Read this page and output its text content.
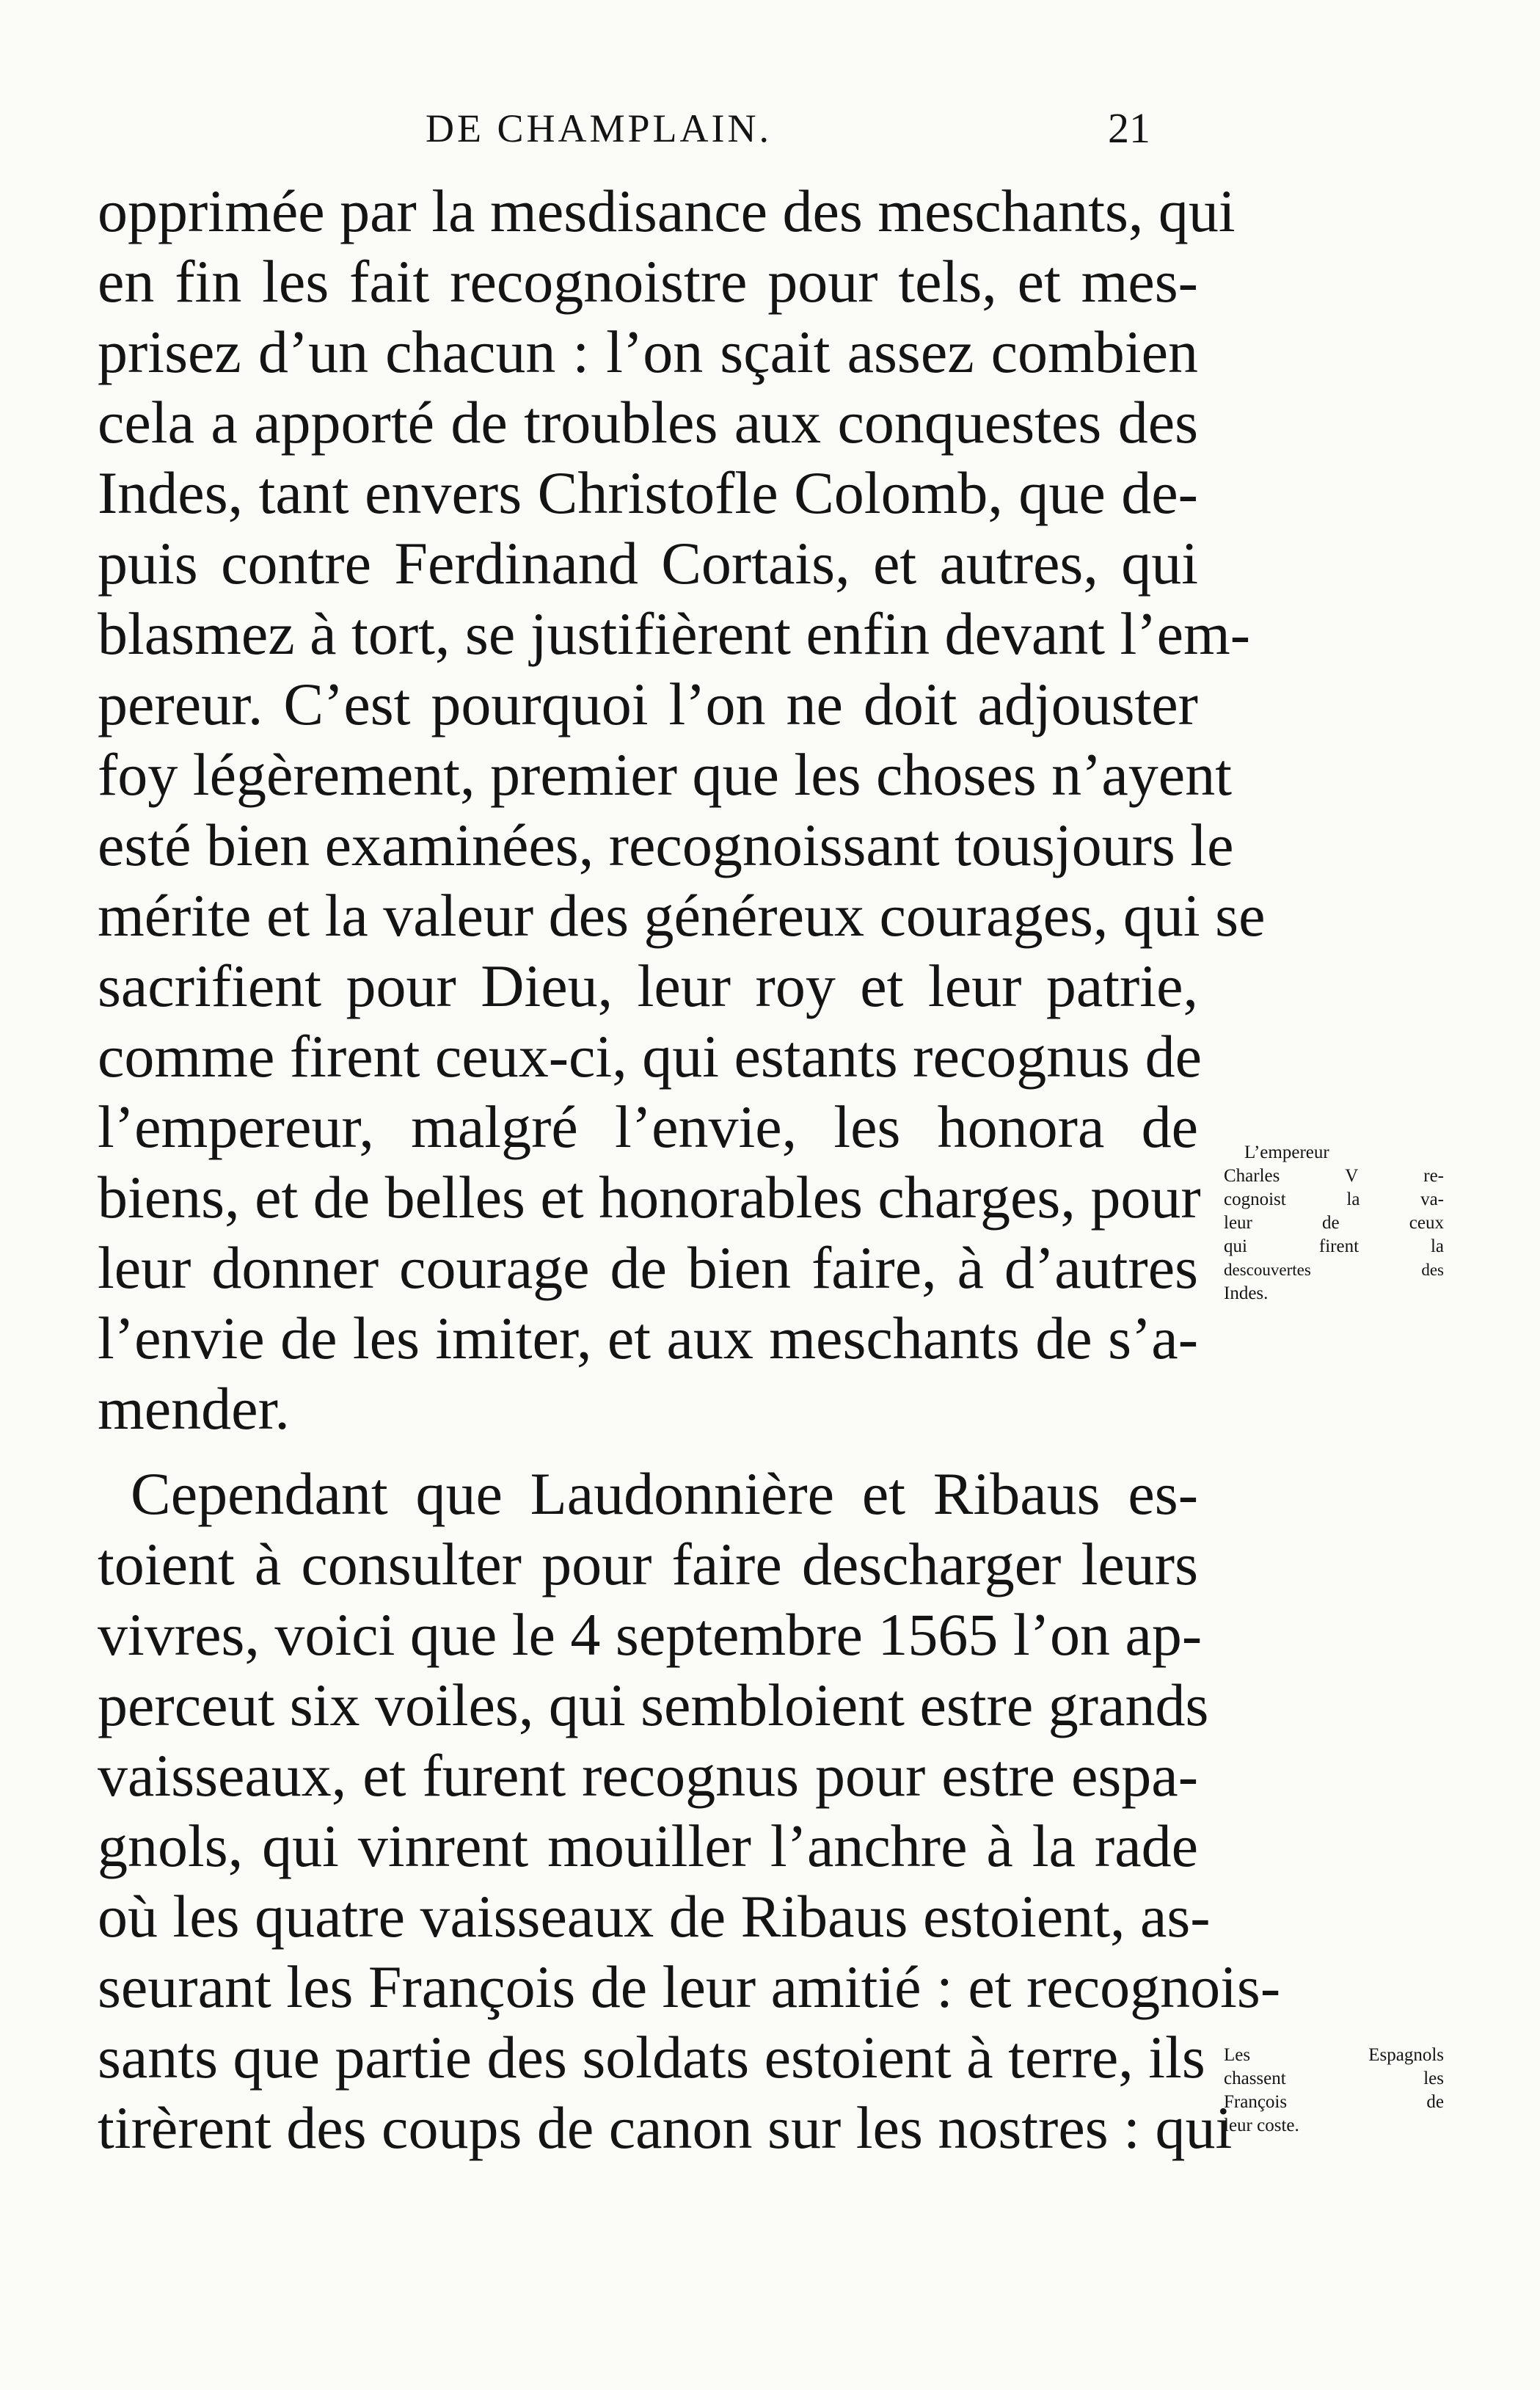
DE CHAMPLAIN.	21
opprimée par la mesdisance des meschants, qui
en fin les fait recognoistre pour tels, et mes-
prisez d’un chacun : l’on sçait assez combien
cela a apporté de troubles aux conquestes des
Indes, tant envers Christofle Colomb, que de-
puis contre Ferdinand Cortais, et autres, qui
blasmez à tort, se justifièrent enfin devant l’em-
pereur. C’est pourquoi l’on ne doit adjouster
foy légèrement, premier que les choses n’ayent
esté bien examinées, recognoissant tousjours le
mérite et la valeur des généreux courages, qui se
sacrifient pour Dieu, leur roy et leur patrie,
comme firent ceux-ci, qui estants recognus de
l’empereur, malgré l’envie, les honora de
biens, et de belles et honorables charges, pour
leur donner courage de bien faire, à d’autres
l’envie de les imiter, et aux meschants de s’a-
mender.
Cependant que Laudonnière et Ribaus es-
toient à consulter pour faire descharger leurs
vivres, voici que le 4 septembre 1565 l’on ap-
perceut six voiles, qui sembloient estre grands
vaisseaux, et furent recognus pour estre espa-
gnols, qui vinrent mouiller l’anchre à la rade
où les quatre vaisseaux de Ribaus estoient, as-
seurant les François de leur amitié : et recognois-
sants que partie des soldats estoient à terre, ils
tirèrent des coups de canon sur les nostres : qui
L’empereur
Charles V re-
cognoist la va-
leur de ceux
qui firent la
descouvertes des
Indes.
Les Espagnols
chassent les
François de
leur coste.
